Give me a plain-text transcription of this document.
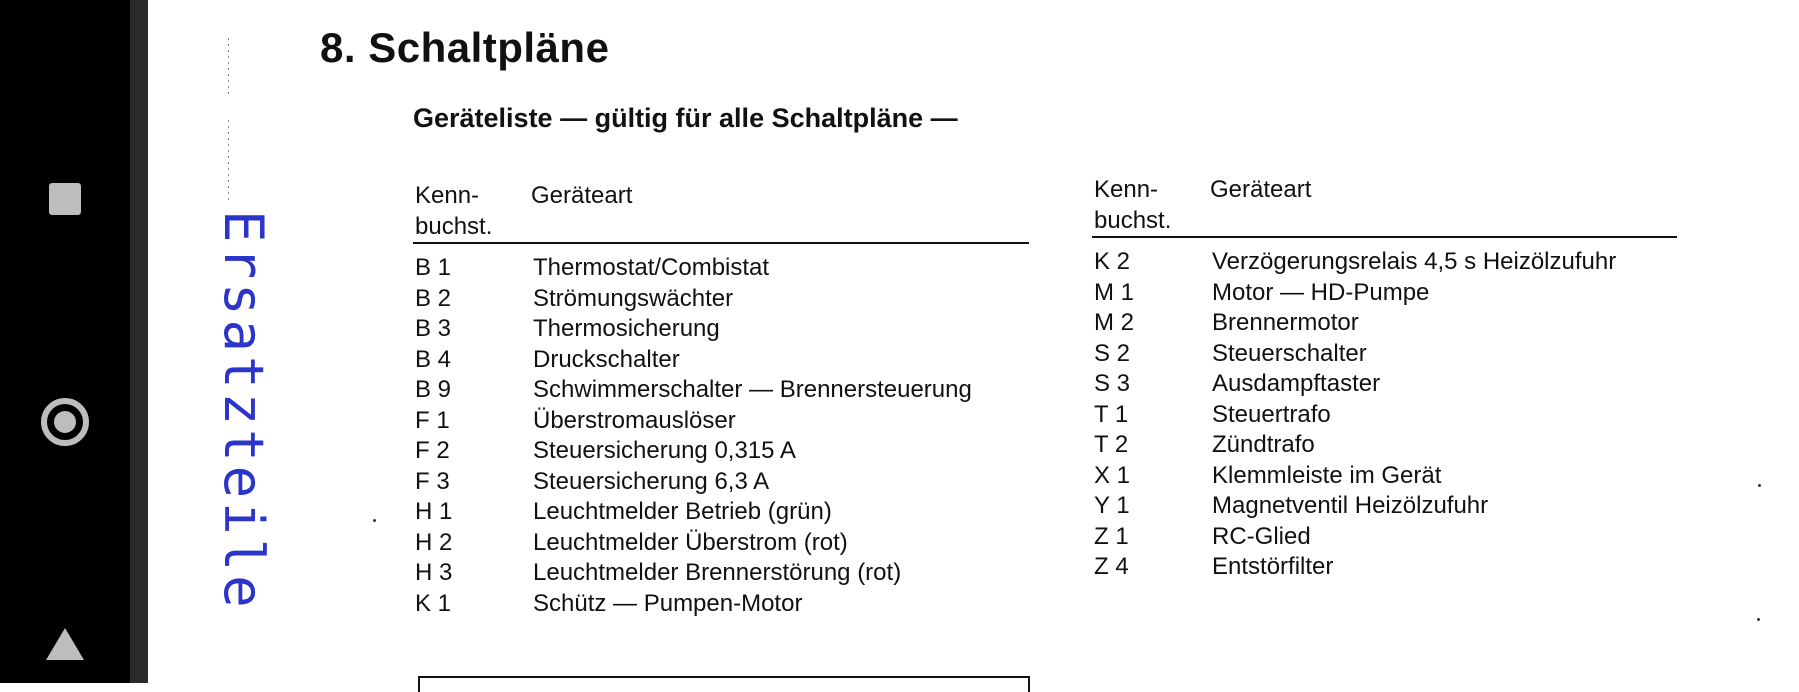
Ersatzteile
8. Schaltpläne
Geräteliste — gültig für alle Schaltpläne —
Kenn-
buchst.
Geräteart
B 1	Thermostat/Combistat
B 2	Strömungswächter
B 3	Thermosicherung
B 4	Druckschalter
B 9	Schwimmerschalter — Brennersteuerung
F 1	Überstromauslöser
F 2	Steuersicherung 0,315 A
F 3	Steuersicherung 6,3 A
H 1	Leuchtmelder Betrieb (grün)
H 2	Leuchtmelder Überstrom (rot)
H 3	Leuchtmelder Brennerstörung (rot)
K 1	Schütz — Pumpen-Motor
Kenn-
buchst.
Geräteart
K 2	Verzögerungsrelais 4,5 s Heizölzufuhr
M 1	Motor — HD-Pumpe
M 2	Brennermotor
S 2	Steuerschalter
S 3	Ausdampftaster
T 1	Steuertrafo
T 2	Zündtrafo
X 1	Klemmleiste im Gerät
Y 1	Magnetventil Heizölzufuhr
Z 1	RC-Glied
Z 4	Entstörfilter
